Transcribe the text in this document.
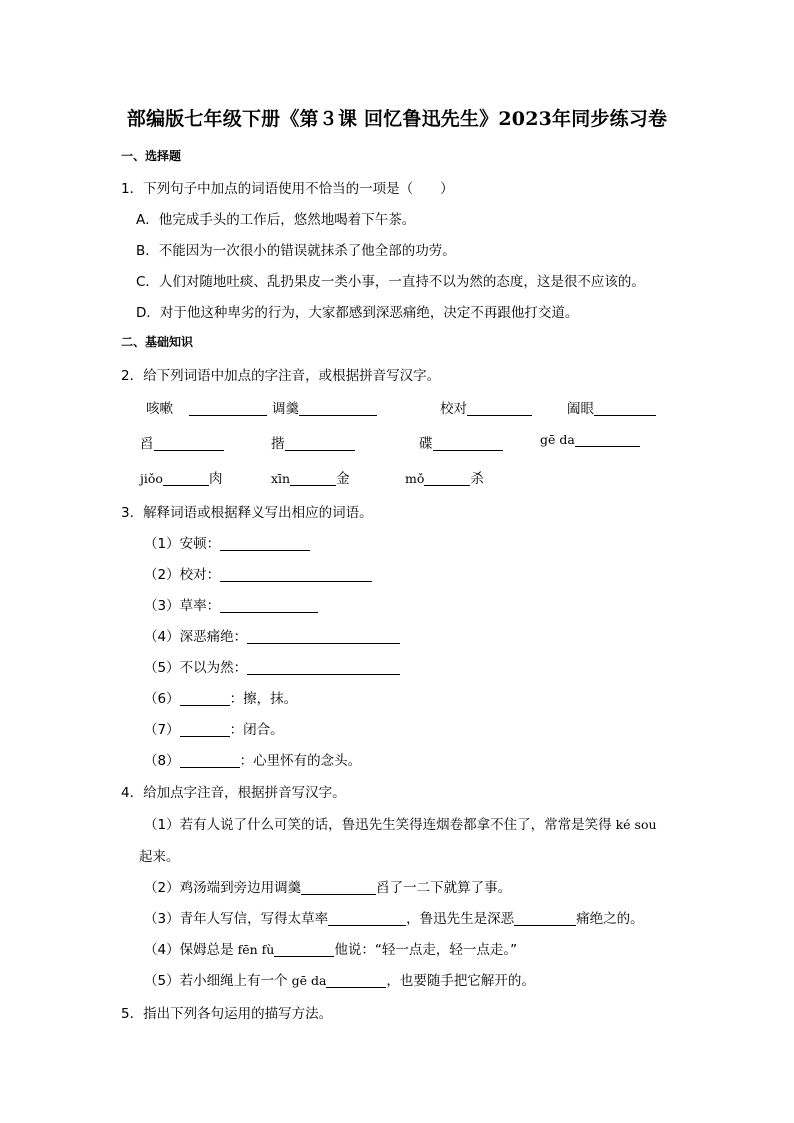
部编版七年级下册《第３课 回忆鲁迅先生》2023年同步练习卷
一、选择题
1．下列句子中加点的词语使用不恰当的一项是（　　）
A．他完成手头的工作后，悠然地喝着下午茶。
B．不能因为一次很小的错误就抹杀了他全部的功劳。
C．人们对随地吐痰、乱扔果皮一类小事，一直持不以为然的态度，这是很不应该的。
D．对于他这种卑劣的行为，大家都感到深恶痛绝，决定不再跟他打交道。
二、基础知识
2．给下列词语中加点的字注音，或根据拼音写汉字。
咳嗽	调羹	校对	阖眼
舀	揩	碟	gē da
jiǒo	肉	xīn	金	mǒ	杀
3．解释词语或根据释义写出相应的词语。
（1）安顿：
（2）校对：
（3）草率：
（4）深恶痛绝：
（5）不以为然：
（6）	：擦，抹。
（7）	：闭合。
（8）	：心里怀有的念头。
4．给加点字注音，根据拼音写汉字。
（1）若有人说了什么可笑的话，鲁迅先生笑得连烟卷都拿不住了，常常是笑得 ké sou
起来。
（2）鸡汤端到旁边用调羹	舀了一二下就算了事。
（3）青年人写信，写得太草率	，鲁迅先生是深恶	痛绝之的。
（4）保姆总是 fēn fù	他说：“轻一点走，轻一点走。”
（5）若小细绳上有一个 gē da	，也要随手把它解开的。
5．指出下列各句运用的描写方法。
